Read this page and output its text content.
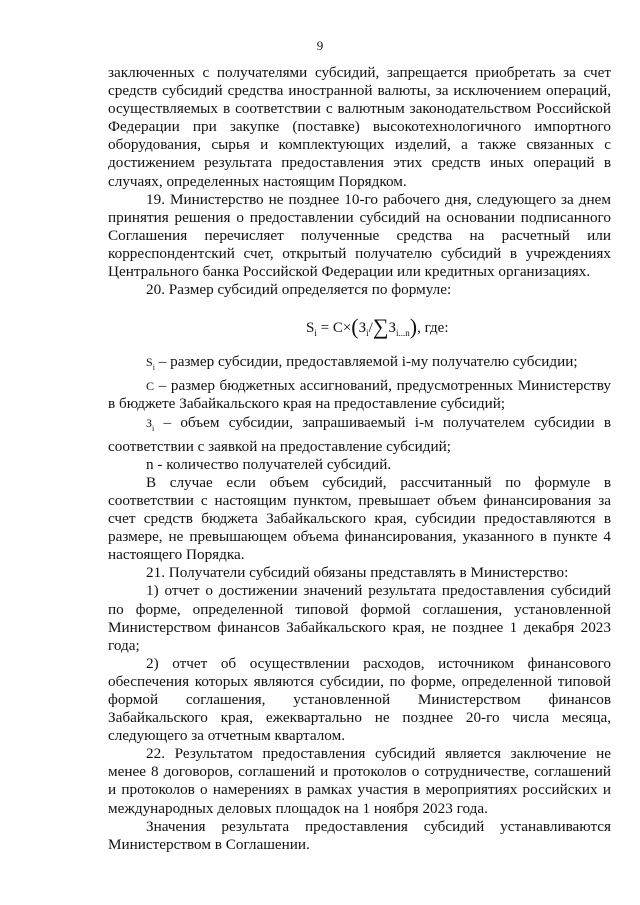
9

заключенных с получателями субсидий, запрещается приобретать за счет средств субсидий средства иностранной валюты, за исключением операций, осуществляемых в соответствии с валютным законодательством Российской Федерации при закупке (поставке) высокотехнологичного импортного оборудования, сырья и комплектующих изделий, а также связанных с достижением результата предоставления этих средств иных операций в случаях, определенных настоящим Порядком.

19. Министерство не позднее 10-го рабочего дня, следующего за днем принятия решения о предоставлении субсидий на основании подписанного Соглашения перечисляет полученные средства на расчетный или корреспондентский счет, открытый получателю субсидий в учреждениях Центрального банка Российской Федерации или кредитных организациях.

20. Размер субсидий определяется по формуле:

$S_i = C\times(З_i/\sum З_{i...n})$, где:

$S_i$ – размер субсидии, предоставляемой i-му получателю субсидии;

C – размер бюджетных ассигнований, предусмотренных Министерству в бюджете Забайкальского края на предоставление субсидий;

$З_i$ – объем субсидии, запрашиваемый i-м получателем субсидии в соответствии с заявкой на предоставление субсидий;

n - количество получателей субсидий.

В случае если объем субсидий, рассчитанный по формуле в соответствии с настоящим пунктом, превышает объем финансирования за счет средств бюджета Забайкальского края, субсидии предоставляются в размере, не превышающем объема финансирования, указанного в пункте 4 настоящего Порядка.

21. Получатели субсидий обязаны представлять в Министерство:

1) отчет о достижении значений результата предоставления субсидий по форме, определенной типовой формой соглашения, установленной Министерством финансов Забайкальского края, не позднее 1 декабря 2023 года;

2) отчет об осуществлении расходов, источником финансового обеспечения которых являются субсидии, по форме, определенной типовой формой соглашения, установленной Министерством финансов Забайкальского края, ежеквартально не позднее 20-го числа месяца, следующего за отчетным кварталом.

22. Результатом предоставления субсидий является заключение не менее 8 договоров, соглашений и протоколов о сотрудничестве, соглашений и протоколов о намерениях в рамках участия в мероприятиях российских и международных деловых площадок на 1 ноября 2023 года.

Значения результата предоставления субсидий устанавливаются Министерством в Соглашении.
